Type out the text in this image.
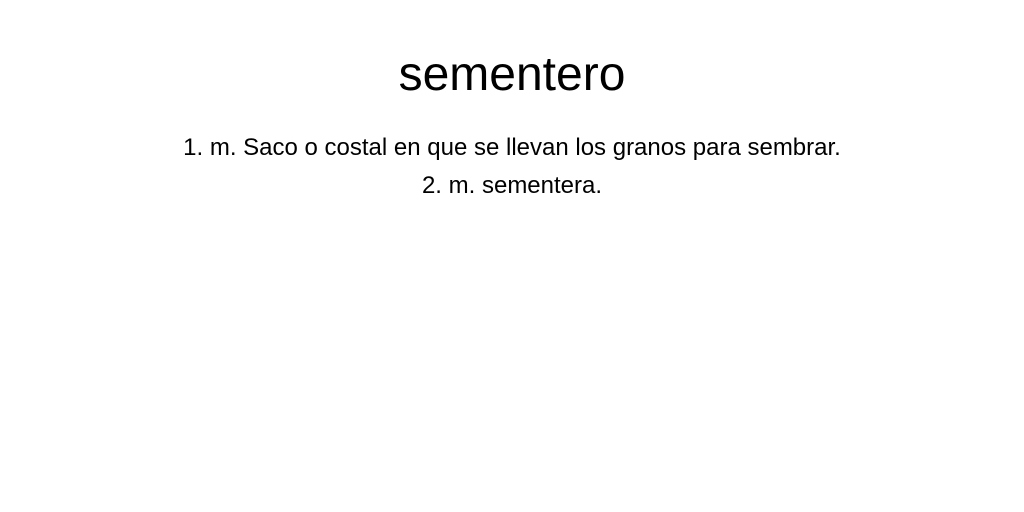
sementero
1. m. Saco o costal en que se llevan los granos para sembrar.
2. m. sementera.
